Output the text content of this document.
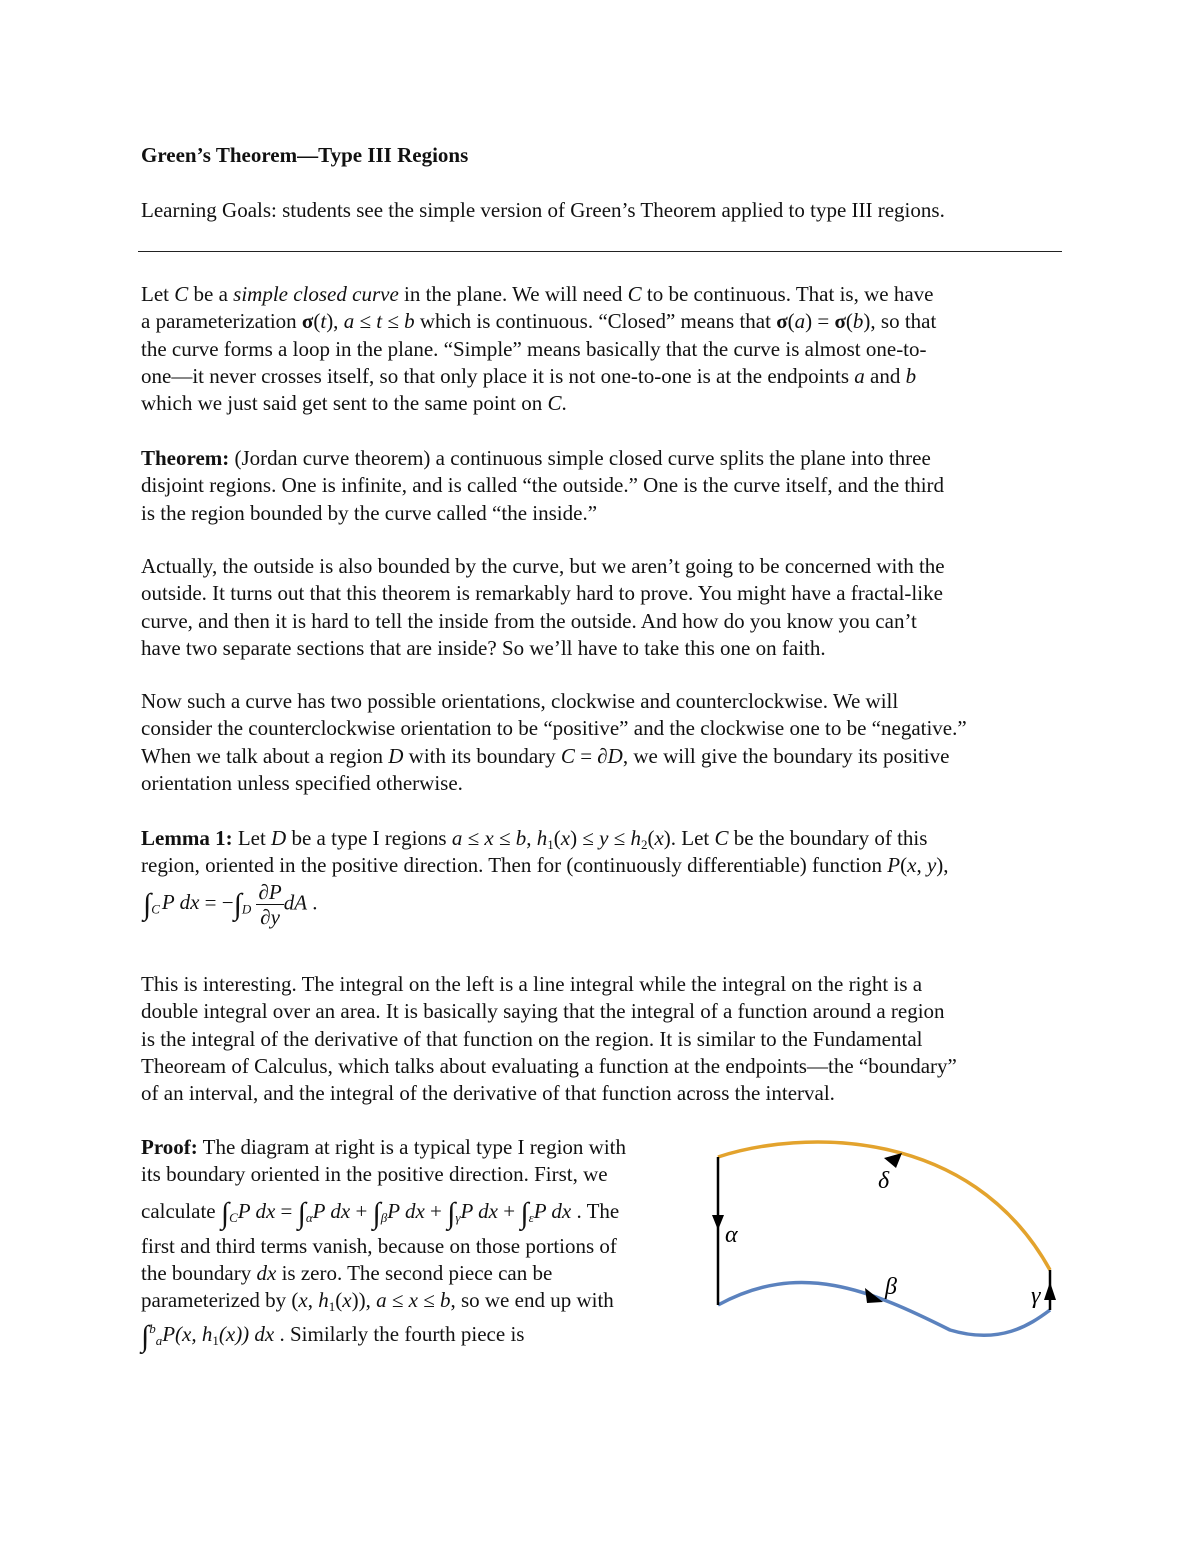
Green’s Theorem—Type III Regions
Learning Goals: students see the simple version of Green’s Theorem applied to type III regions.
Let C be a simple closed curve in the plane. We will need C to be continuous. That is, we have
a parameterization σ(t), a ≤ t ≤ b which is continuous. “Closed” means that σ(a) = σ(b), so that
the curve forms a loop in the plane. “Simple” means basically that the curve is almost one-to-
one—it never crosses itself, so that only place it is not one-to-one is at the endpoints a and b
which we just said get sent to the same point on C.
Theorem: (Jordan curve theorem) a continuous simple closed curve splits the plane into three
disjoint regions. One is infinite, and is called “the outside.” One is the curve itself, and the third
is the region bounded by the curve called “the inside.”
Actually, the outside is also bounded by the curve, but we aren’t going to be concerned with the
outside. It turns out that this theorem is remarkably hard to prove. You might have a fractal-like
curve, and then it is hard to tell the inside from the outside. And how do you know you can’t
have two separate sections that are inside? So we’ll have to take this one on faith.
Now such a curve has two possible orientations, clockwise and counterclockwise. We will
consider the counterclockwise orientation to be “positive” and the clockwise one to be “negative.”
When we talk about a region D with its boundary C = ∂D, we will give the boundary its positive
orientation unless specified otherwise.
Lemma 1: Let D be a type I regions a ≤ x ≤ b, $h_1(x) \le y \le h_2(x)$. Let C be the boundary of this
region, oriented in the positive direction. Then for (continuously differentiable) function P(x, y),
$\int_CP$ dx = $-\int_D \frac{\partial P}{\partial y}$ dA .
This is interesting. The integral on the left is a line integral while the integral on the right is a
double integral over an area. It is basically saying that the integral of a function around a region
is the integral of the derivative of that function on the region. It is similar to the Fundamental
Theoream of Calculus, which talks about evaluating a function at the endpoints—the “boundary”
of an interval, and the integral of the derivative of that function across the interval.
Proof: The diagram at right is a typical type I region with
its boundary oriented in the positive direction. First, we
calculate $\int_CP$ dx = $\int_\alpha P$ dx + $\int_\beta P$ dx + $\int_\gamma P$ dx + $\int_\varepsilon P$ dx . The
first and third terms vanish, because on those portions of
the boundary dx is zero. The second piece can be
parameterized by (x, $h_1(x)$), a ≤ x ≤ b, so we end up with
∫$^b_a$P(x, $h_1(x)$) dx . Similarly the fourth piece is
α
β	γ
δ
